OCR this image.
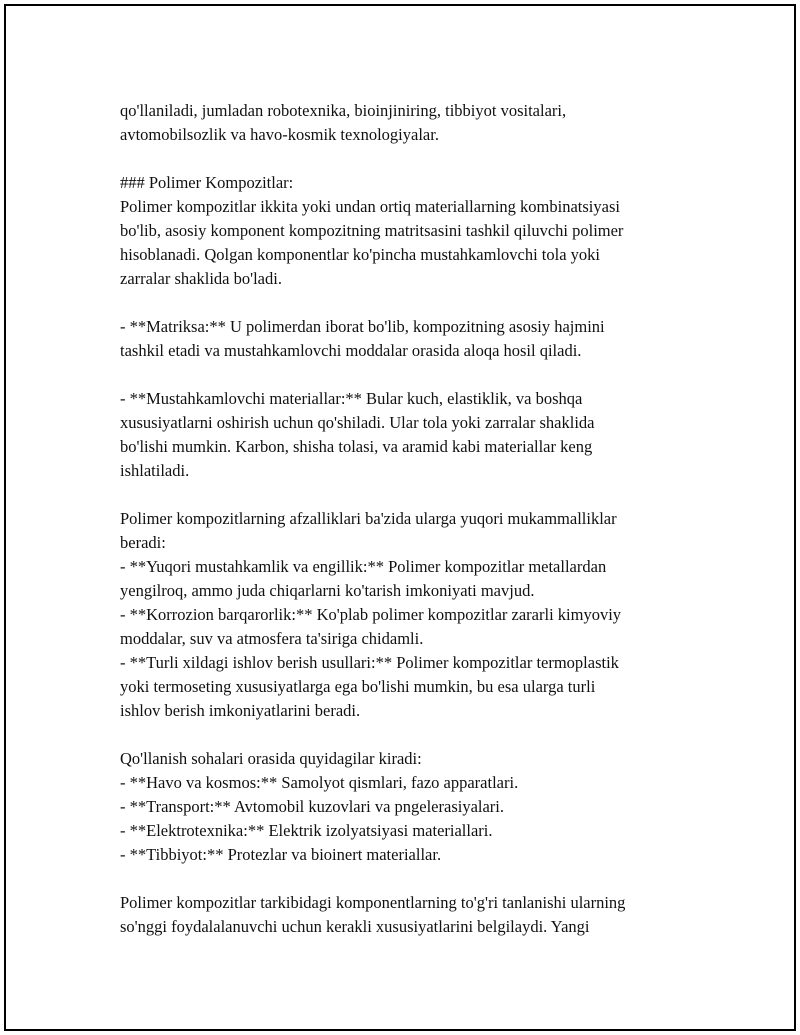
qo'llaniladi, jumladan robotexnika, bioinjiniring, tibbiyot vositalari,
avtomobilsozlik va havo-kosmik texnologiyalar.
### Polimer Kompozitlar:
Polimer kompozitlar ikkita yoki undan ortiq materiallarning kombinatsiyasi
bo'lib, asosiy komponent kompozitning matritsasini tashkil qiluvchi polimer
hisoblanadi. Qolgan komponentlar ko'pincha mustahkamlovchi tola yoki
zarralar shaklida bo'ladi.
- **Matriksa:** U polimerdan iborat bo'lib, kompozitning asosiy hajmini
tashkil etadi va mustahkamlovchi moddalar orasida aloqa hosil qiladi.
- **Mustahkamlovchi materiallar:** Bular kuch, elastiklik, va boshqa
xususiyatlarni oshirish uchun qo'shiladi. Ular tola yoki zarralar shaklida
bo'lishi mumkin. Karbon, shisha tolasi, va aramid kabi materiallar keng
ishlatiladi.
Polimer kompozitlarning afzalliklari ba'zida ularga yuqori mukammalliklar
beradi:
- **Yuqori mustahkamlik va engillik:** Polimer kompozitlar metallardan
yengilroq, ammo juda chiqarlarni ko'tarish imkoniyati mavjud.
- **Korrozion barqarorlik:** Ko'plab polimer kompozitlar zararli kimyoviy
moddalar, suv va atmosfera ta'siriga chidamli.
- **Turli xildagi ishlov berish usullari:** Polimer kompozitlar termoplastik
yoki termoseting xususiyatlarga ega bo'lishi mumkin, bu esa ularga turli
ishlov berish imkoniyatlarini beradi.
Qo'llanish sohalari orasida quyidagilar kiradi:
- **Havo va kosmos:** Samolyot qismlari, fazo apparatlari.
- **Transport:** Avtomobil kuzovlari va pngelerasiyalari.
- **Elektrotexnika:** Elektrik izolyatsiyasi materiallari.
- **Tibbiyot:** Protezlar va bioinert materiallar.
Polimer kompozitlar tarkibidagi komponentlarning to'g'ri tanlanishi ularning
so'nggi foydalalanuvchi uchun kerakli xususiyatlarini belgilaydi. Yangi
